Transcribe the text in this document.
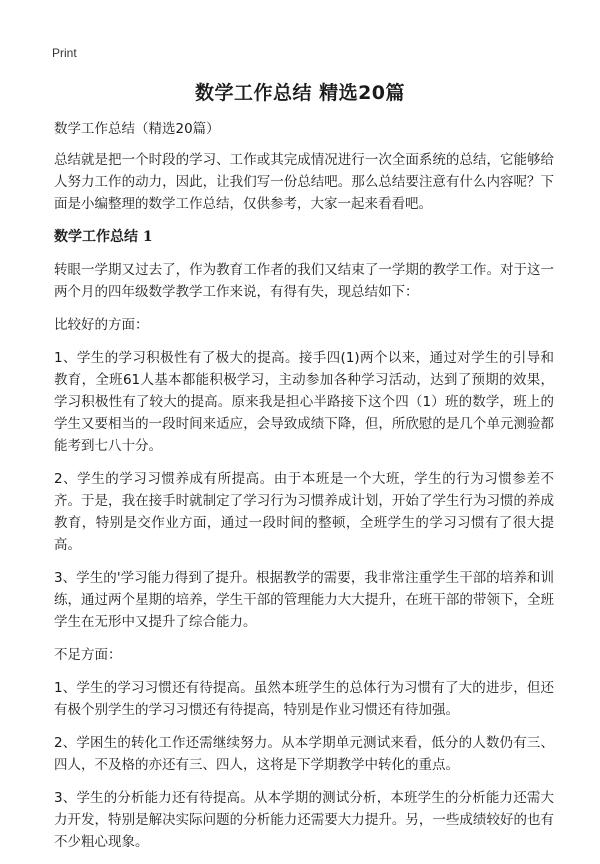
Print
数学工作总结 精选20篇

数学工作总结（精选20篇）

总结就是把一个时段的学习、工作或其完成情况进行一次全面系统的总结，它能够给人努力工作的动力，因此，让我们写一份总结吧。那么总结要注意有什么内容呢？下面是小编整理的数学工作总结，仅供参考，大家一起来看看吧。

数学工作总结 1

转眼一学期又过去了，作为教育工作者的我们又结束了一学期的教学工作。对于这一两个月的四年级数学教学工作来说，有得有失，现总结如下：

比较好的方面：

1、学生的学习积极性有了极大的提高。接手四(1)两个以来，通过对学生的引导和教育，全班61人基本都能积极学习，主动参加各种学习活动，达到了预期的效果，学习积极性有了较大的提高。原来我是担心半路接下这个四（1）班的数学，班上的学生又要相当的一段时间来适应，会导致成绩下降，但，所欣慰的是几个单元测验都能考到七八十分。

2、学生的学习习惯养成有所提高。由于本班是一个大班，学生的行为习惯参差不齐。于是，我在接手时就制定了学习行为习惯养成计划，开始了学生行为习惯的养成教育，特别是交作业方面，通过一段时间的整顿，全班学生的学习习惯有了很大提高。

3、学生的'学习能力得到了提升。根据教学的需要，我非常注重学生干部的培养和训练，通过两个星期的培养，学生干部的管理能力大大提升，在班干部的带领下，全班学生在无形中又提升了综合能力。

不足方面：

1、学生的学习习惯还有待提高。虽然本班学生的总体行为习惯有了大的进步，但还有极个别学生的学习习惯还有待提高，特别是作业习惯还有待加强。

2、学困生的转化工作还需继续努力。从本学期单元测试来看，低分的人数仍有三、四人，不及格的亦还有三、四人，这将是下学期教学中转化的重点。

3、学生的分析能力还有待提高。从本学期的测试分析，本班学生的分析能力还需大力开发，特别是解决实际问题的分析能力还需要大力提升。另，一些成绩较好的也有不少粗心现象。
